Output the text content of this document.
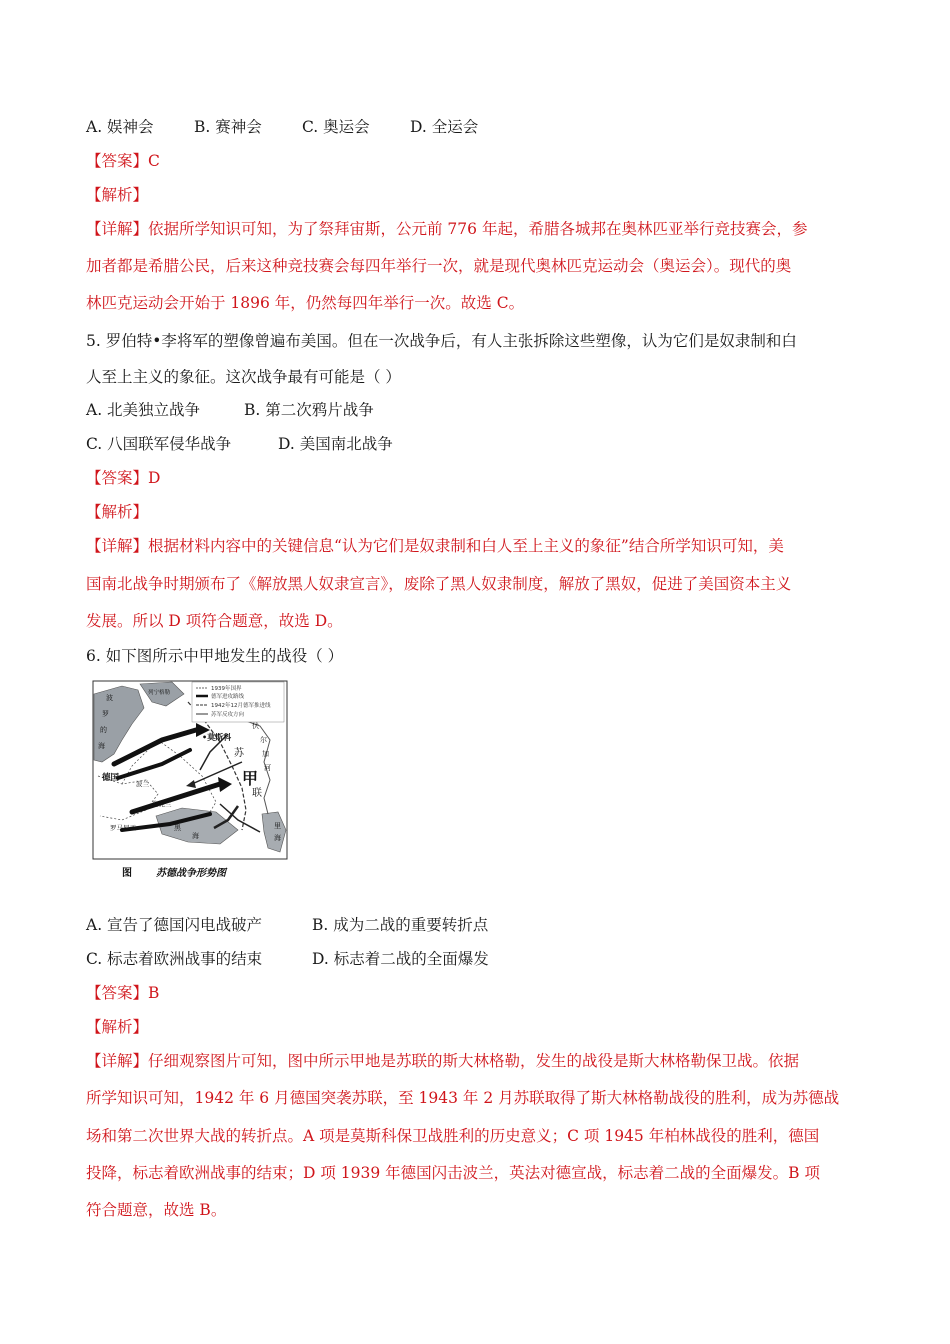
A. 娱神会	B. 赛神会	C. 奥运会	D. 全运会
【答案】C
【解析】
【详解】依据所学知识可知，为了祭拜宙斯，公元前 776 年起，希腊各城邦在奥林匹亚举行竞技赛会，参
加者都是希腊公民，后来这种竞技赛会每四年举行一次，就是现代奥林匹克运动会（奥运会）。现代的奥
林匹克运动会开始于 1896 年，仍然每四年举行一次。故选 C。
5. 罗伯特•李将军的塑像曾遍布美国。但在一次战争后，有人主张拆除这些塑像，认为它们是奴隶制和白
人至上主义的象征。这次战争最有可能是（ ）
A. 北美独立战争	B. 第二次鸦片战争
C. 八国联军侵华战争	D. 美国南北战争
【答案】D
【解析】
【详解】根据材料内容中的关键信息“认为它们是奴隶制和白人至上主义的象征”结合所学知识可知，美
国南北战争时期颁布了《解放黑人奴隶宣言》，废除了黑人奴隶制度，解放了黑奴，促进了美国资本主义
发展。所以 D 项符合题意，故选 D。
6. 如下图所示中甲地发生的战役（ ）
1939年国界
德军进攻路线
1942年12月德军推进线
苏军反攻方向
波
罗
的
海
列宁格勒
•莫斯科
德国
波兰
乌克兰
罗马尼亚	黑
海
苏
联
甲
里
海
伏
尔
加
河
图 苏德战争形势图
A. 宣告了德国闪电战破产	B. 成为二战的重要转折点
C. 标志着欧洲战事的结束	D. 标志着二战的全面爆发
【答案】B
【解析】
【详解】仔细观察图片可知，图中所示甲地是苏联的斯大林格勒，发生的战役是斯大林格勒保卫战。依据
所学知识可知，1942 年 6 月德国突袭苏联，至 1943 年 2 月苏联取得了斯大林格勒战役的胜利，成为苏德战
场和第二次世界大战的转折点。A 项是莫斯科保卫战胜利的历史意义；C 项 1945 年柏林战役的胜利，德国
投降，标志着欧洲战事的结束；D 项 1939 年德国闪击波兰，英法对德宣战，标志着二战的全面爆发。B 项
符合题意，故选 B。
